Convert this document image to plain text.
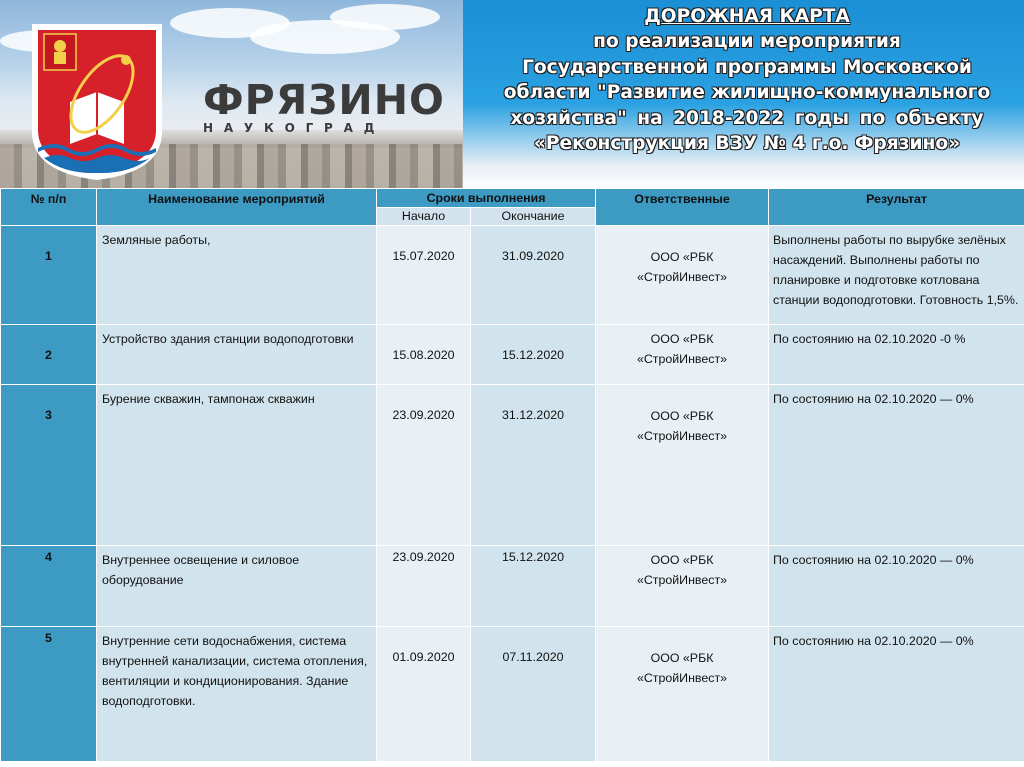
ФРЯЗИНО
НАУКОГРАД
ДОРОЖНАЯ КАРТА
по реализации мероприятия
Государственной программы Московской
области "Развитие жилищно-коммунального
хозяйства" на 2018-2022 годы по объекту
«Реконструкция ВЗУ № 4 г.о. Фрязино»
№ п/п	Наименование мероприятий	Сроки выполнения		Ответственные	Результат
		Начало	Окончание		
1	Земляные работы,	15.07.2020	31.09.2020	ООО «РБК
«СтройИнвест»	Выполнены работы по вырубке зелёных насаждений. Выполнены работы по планировке и подготовке котлована станции водоподготовки. Готовность 1,5%.
2	Устройство здания станции водоподготовки	15.08.2020	15.12.2020	ООО «РБК
«СтройИнвест»	По состоянию на 02.10.2020 -0 %
3	Бурение скважин, тампонаж скважин	23.09.2020	31.12.2020	ООО «РБК
«СтройИнвест»	По состоянию на 02.10.2020 — 0%
4	Внутреннее освещение и силовое оборудование	23.09.2020	15.12.2020	ООО «РБК
«СтройИнвест»	По состоянию на 02.10.2020 — 0%
5	Внутренние сети водоснабжения, система внутренней канализации, система отопления, вентиляции и кондиционирования. Здание водоподготовки.	01.09.2020	07.11.2020	ООО «РБК
«СтройИнвест»	По состоянию на 02.10.2020 — 0%
